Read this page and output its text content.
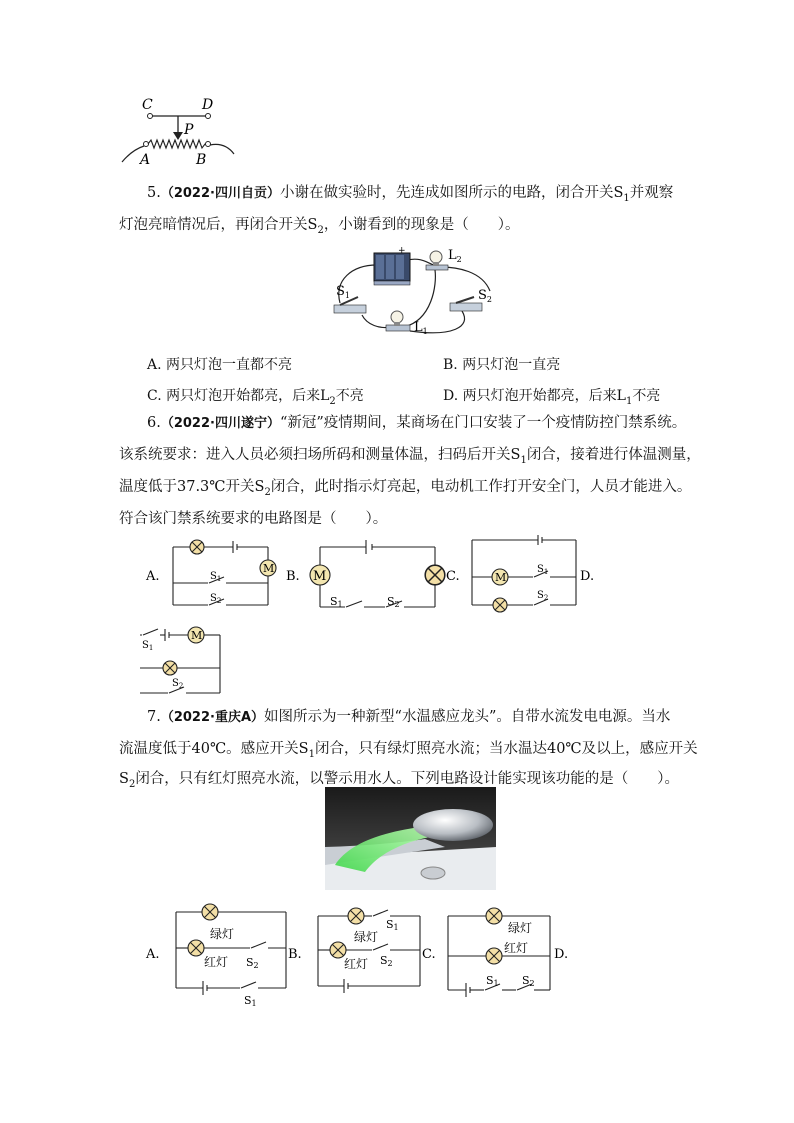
C	D
P
A	B
5.（2022·四川自贡）小谢在做实验时，先连成如图所示的电路，闭合开关$S_1$并观察
灯泡亮暗情况后，再闭合开关$S_2$，小谢看到的现象是（　　）。
+	$L_2$
$S_1$	$S_2$
$L_1$
A. 两只灯泡一直都不亮	B. 两只灯泡一直亮
C. 两只灯泡开始都亮，后来$L_2$不亮	D. 两只灯泡开始都亮，后来$L_1$不亮
6.（2022·四川遂宁）“新冠”疫情期间，某商场在门口安装了一个疫情防控门禁系统。
该系统要求：进入人员必须扫场所码和测量体温，扫码后开关$S_1$闭合，接着进行体温测量，
温度低于37.3℃开关$S_2$闭合，此时指示灯亮起，电动机工作打开安全门，人员才能进入。
符合该门禁系统要求的电路图是（　　）。
A.
M
$S_1$
$S_2$
B. M
S1	S2
C.	M
$S_1$
$S_2$
D.
M
$S_1$
$S_2$
7.（2022·重庆A）如图所示为一种新型“水温感应龙头”。自带水流发电电源。当水
流温度低于40℃。感应开关$S_1$闭合，只有绿灯照亮水流；当水温达40℃及以上，感应开关
$S_2$闭合，只有红灯照亮水流，以警示用水人。下列电路设计能实现该功能的是（　　）。
A.
绿灯
红灯 S2
S1
B.
绿灯
红灯
S1
S2
C.
绿灯
红灯
S1 S2
D.
